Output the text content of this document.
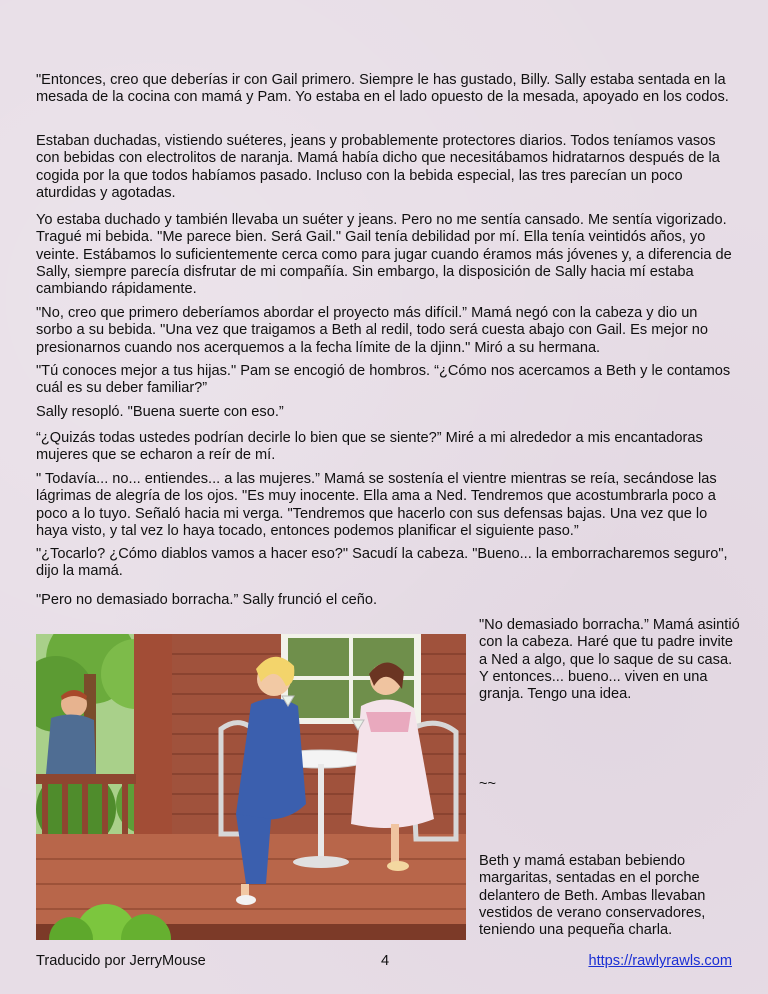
"Entonces, creo que deberías ir con Gail primero. Siempre le has gustado, Billy. Sally estaba sentada en la mesada de la cocina con mamá y Pam. Yo estaba en el lado opuesto de la mesada, apoyado en los codos.

Estaban duchadas, vistiendo suéteres, jeans y probablemente protectores diarios. Todos teníamos vasos con bebidas con electrolitos de naranja. Mamá había dicho que necesitábamos hidratarnos después de la cogida por la que todos habíamos pasado. Incluso con la bebida especial, las tres parecían un poco aturdidas y agotadas.

Yo estaba duchado y también llevaba un suéter y jeans. Pero no me sentía cansado. Me sentía vigorizado. Tragué mi bebida. "Me parece bien. Será Gail." Gail tenía debilidad por mí. Ella tenía veintidós años, yo veinte. Estábamos lo suficientemente cerca como para jugar cuando éramos más jóvenes y, a diferencia de Sally, siempre parecía disfrutar de mi compañía. Sin embargo, la disposición de Sally hacia mí estaba cambiando rápidamente.

"No, creo que primero deberíamos abordar el proyecto más difícil.” Mamá negó con la cabeza y dio un sorbo a su bebida. "Una vez que traigamos a Beth al redil, todo será cuesta abajo con Gail. Es mejor no presionarnos cuando nos acerquemos a la fecha límite de la djinn." Miró a su hermana.

"Tú conoces mejor a tus hijas." Pam se encogió de hombros. “¿Cómo nos acercamos a Beth y le contamos cuál es su deber familiar?”

Sally resopló. "Buena suerte con eso.”

“¿Quizás todas ustedes podrían decirle lo bien que se siente?” Miré a mi alrededor a mis encantadoras mujeres que se echaron a reír de mí.

" Todavía... no... entiendes... a las mujeres.” Mamá se sostenía el vientre mientras se reía, secándose las lágrimas de alegría de los ojos. "Es muy inocente. Ella ama a Ned. Tendremos que acostumbrarla poco a poco a lo tuyo. Señaló hacia mi verga. "Tendremos que hacerlo con sus defensas bajas. Una vez que lo haya visto, y tal vez lo haya tocado, entonces podemos planificar el siguiente paso.”

"¿Tocarlo? ¿Cómo diablos vamos a hacer eso?" Sacudí la cabeza. "Bueno... la emborracharemos seguro", dijo la mamá.

"Pero no demasiado borracha.” Sally frunció el ceño.

"No demasiado borracha.” Mamá asintió con la cabeza. Haré que tu padre invite a Ned a algo, que lo saque de su casa. Y entonces... bueno... viven en una granja. Tengo una idea.

~~

Beth y mamá estaban bebiendo margaritas, sentadas en el porche delantero de Beth. Ambas llevaban vestidos de verano conservadores, teniendo una pequeña charla.

Traducido por JerryMouse	4	https://rawlyrawls.com
